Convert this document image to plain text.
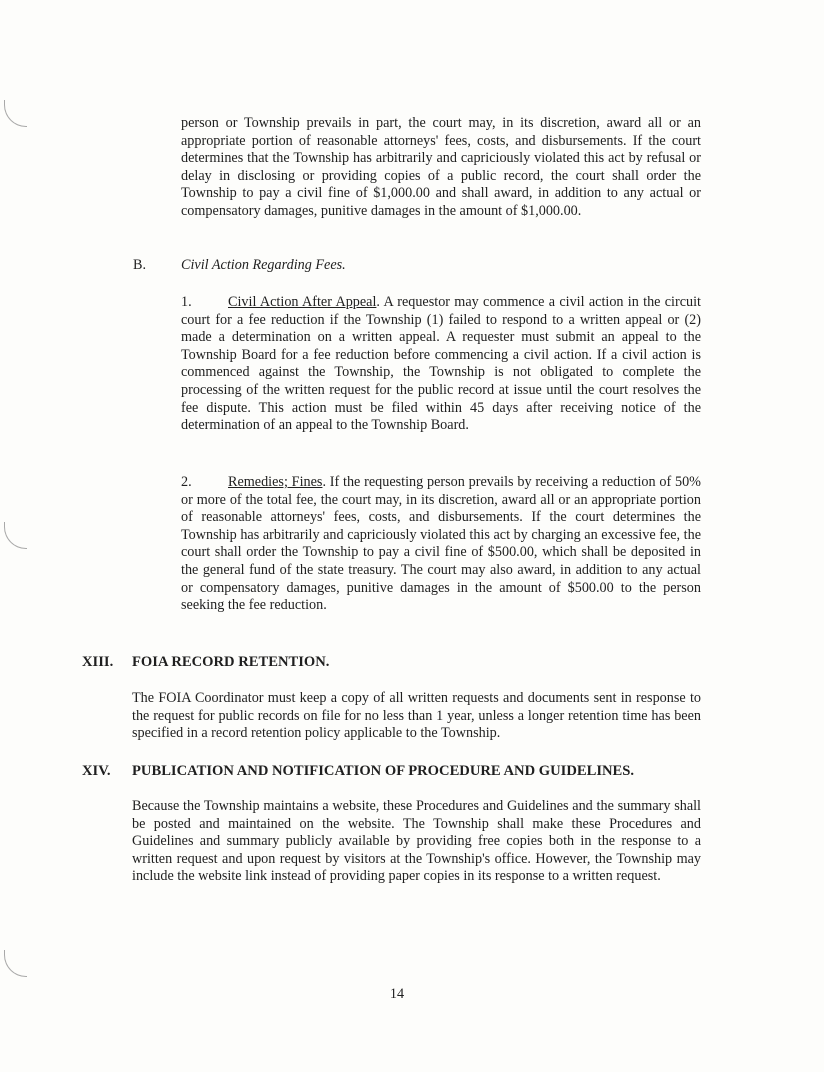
person or Township prevails in part, the court may, in its discretion, award all or an appropriate portion of reasonable attorneys' fees, costs, and disbursements. If the court determines that the Township has arbitrarily and capriciously violated this act by refusal or delay in disclosing or providing copies of a public record, the court shall order the Township to pay a civil fine of $1,000.00 and shall award, in addition to any actual or compensatory damages, punitive damages in the amount of $1,000.00.

B. Civil Action Regarding Fees.

1.	Civil Action After Appeal. A requestor may commence a civil action in the circuit court for a fee reduction if the Township (1) failed to respond to a written appeal or (2) made a determination on a written appeal. A requester must submit an appeal to the Township Board for a fee reduction before commencing a civil action. If a civil action is commenced against the Township, the Township is not obligated to complete the processing of the written request for the public record at issue until the court resolves the fee dispute. This action must be filed within 45 days after receiving notice of the determination of an appeal to the Township Board.

2.	Remedies; Fines. If the requesting person prevails by receiving a reduction of 50% or more of the total fee, the court may, in its discretion, award all or an appropriate portion of reasonable attorneys' fees, costs, and disbursements. If the court determines the Township has arbitrarily and capriciously violated this act by charging an excessive fee, the court shall order the Township to pay a civil fine of $500.00, which shall be deposited in the general fund of the state treasury. The court may also award, in addition to any actual or compensatory damages, punitive damages in the amount of $500.00 to the person seeking the fee reduction.

XIII. FOIA RECORD RETENTION.

The FOIA Coordinator must keep a copy of all written requests and documents sent in response to the request for public records on file for no less than 1 year, unless a longer retention time has been specified in a record retention policy applicable to the Township.

XIV. PUBLICATION AND NOTIFICATION OF PROCEDURE AND GUIDELINES.

Because the Township maintains a website, these Procedures and Guidelines and the summary shall be posted and maintained on the website. The Township shall make these Procedures and Guidelines and summary publicly available by providing free copies both in the response to a written request and upon request by visitors at the Township's office. However, the Township may include the website link instead of providing paper copies in its response to a written request.

14
